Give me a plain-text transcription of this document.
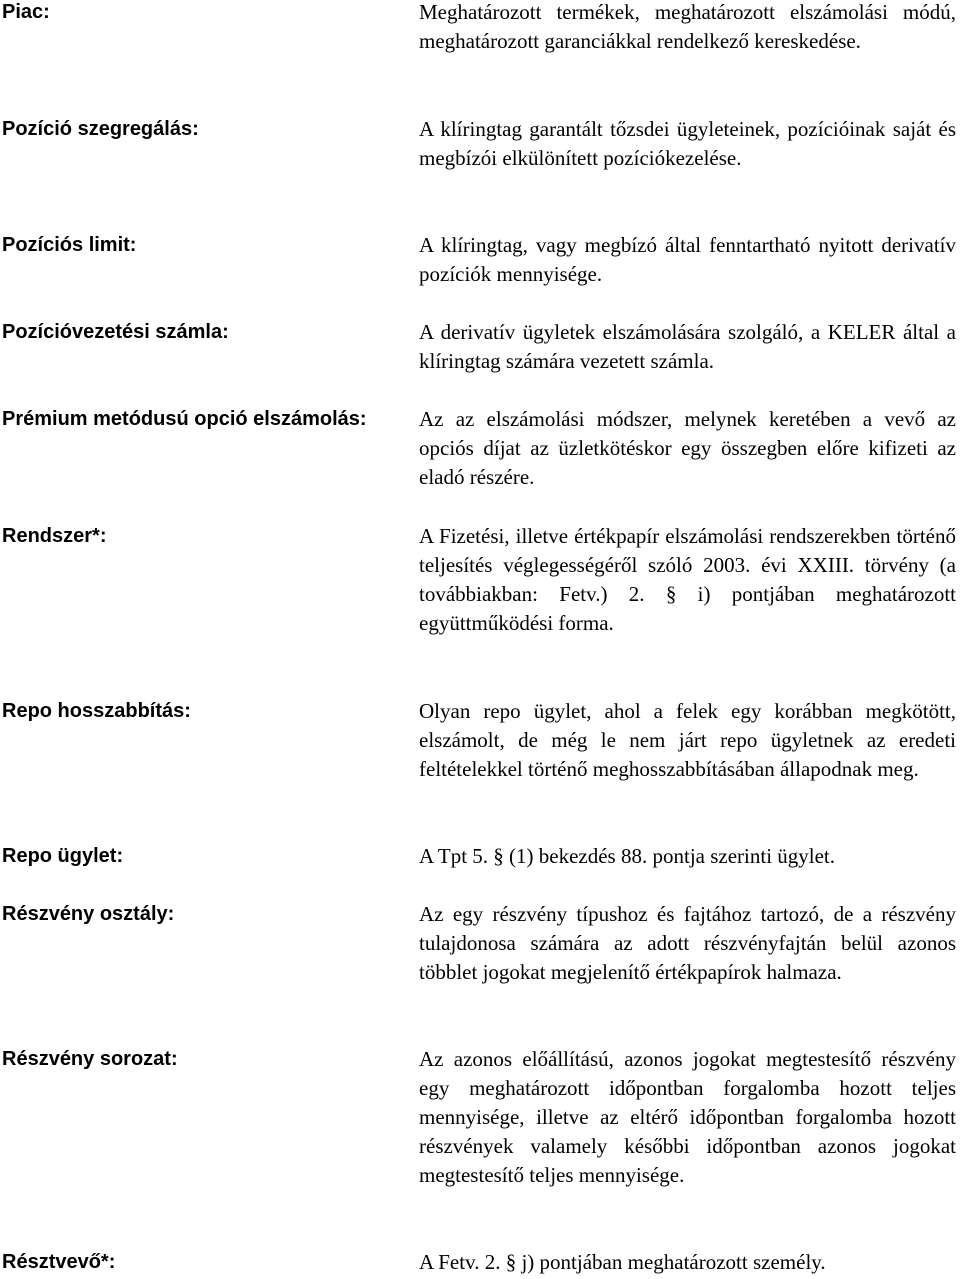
Piac:	Meghatározott termékek, meghatározott elszámolási módú, meghatározott garanciákkal rendelkező kereskedése.
Pozíció szegregálás:	A klíringtag garantált tőzsdei ügyleteinek, pozícióinak saját és megbízói elkülönített pozíciókezelése.
Pozíciós limit:	A klíringtag, vagy megbízó által fenntartható nyitott derivatív pozíciók mennyisége.
Pozícióvezetési számla:	A derivatív ügyletek elszámolására szolgáló, a KELER által a klíringtag számára vezetett számla.
Prémium metódusú opció elszámolás: Az az elszámolási módszer, melynek keretében a vevő az opciós díjat az üzletkötéskor egy összegben előre kifizeti az eladó részére.
Rendszer*:	A Fizetési, illetve értékpapír elszámolási rendszerekben történő teljesítés véglegességéről szóló 2003. évi XXIII. törvény (a továbbiakban: Fetv.) 2. § i) pontjában meghatározott együttműködési forma.
Repo hosszabbítás:	Olyan repo ügylet, ahol a felek egy korábban megkötött, elszámolt, de még le nem járt repo ügyletnek az eredeti feltételekkel történő meghosszabbításában állapodnak meg.
Repo ügylet:	A Tpt 5. § (1) bekezdés 88. pontja szerinti ügylet.
Részvény osztály:	Az egy részvény típushoz és fajtához tartozó, de a részvény tulajdonosa számára az adott részvényfajtán belül azonos többlet jogokat megjelenítő értékpapírok halmaza.
Részvény sorozat:	Az azonos előállítású, azonos jogokat megtestesítő részvény egy meghatározott időpontban forgalomba hozott teljes mennyisége, illetve az eltérő időpontban forgalomba hozott részvények valamely későbbi időpontban azonos jogokat megtestesítő teljes mennyisége.
Résztvevő*:	A Fetv. 2. § j) pontjában meghatározott személy.
